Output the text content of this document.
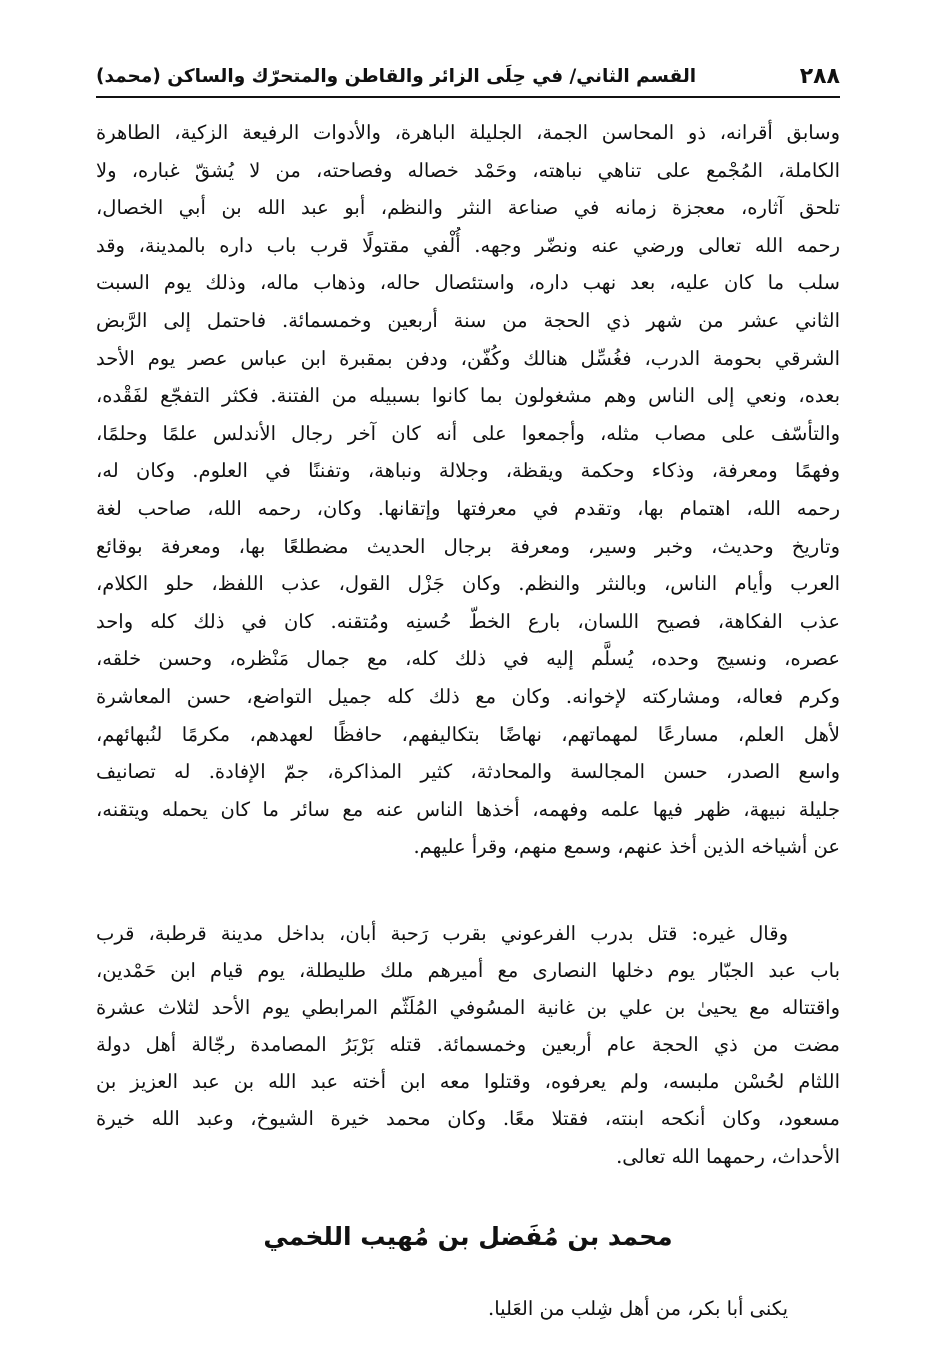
٢٨٨
القسم الثاني/ في حِلَى الزائر والقاطن والمتحرّك والساكن (محمد)
وسابق أقرانه، ذو المحاسن الجمة، الجليلة الباهرة، والأدوات الرفيعة الزكية، الطاهرة
الكاملة، المُجْمع على تناهي نباهته، وحَمْد خصاله وفصاحته، من لا يُشقّ غباره، ولا
تلحق آثاره، معجزة زمانه في صناعة النثر والنظم، أبو عبد الله بن أبي الخصال،
رحمه الله تعالى ورضي عنه ونضّر وجهه. أُلْفي مقتولًا قرب باب داره بالمدينة، وقد
سلب ما كان عليه، بعد نهب داره، واستئصال حاله، وذهاب ماله، وذلك يوم السبت
الثاني عشر من شهر ذي الحجة من سنة أربعين وخمسمائة. فاحتمل إلى الرَّبض
الشرقي بحومة الدرب، فغُسِّل هنالك وكُفّن، ودفن بمقبرة ابن عباس عصر يوم الأحد
بعده، ونعي إلى الناس وهم مشغولون بما كانوا بسبيله من الفتنة. فكثر التفجّع لفَقْده،
والتأسّف على مصاب مثله، وأجمعوا على أنه كان آخر رجال الأندلس علمًا وحلمًا،
وفهمًا ومعرفة، وذكاء وحكمة ويقظة، وجلالة ونباهة، وتفننًا في العلوم. وكان له،
رحمه الله، اهتمام بها، وتقدم في معرفتها وإتقانها. وكان، رحمه الله، صاحب لغة
وتاريخ وحديث، وخبر وسير، ومعرفة برجال الحديث مضطلعًا بها، ومعرفة بوقائع
العرب وأيام الناس، وبالنثر والنظم. وكان جَزْل القول، عذب اللفظ، حلو الكلام،
عذب الفكاهة، فصيح اللسان، بارع الخطّ حُسنِه ومُتقنه. كان في ذلك كله واحد
عصره، ونسيج وحده، يُسلَّم إليه في ذلك كله، مع جمال مَنْظره، وحسن خلقه،
وكرم فعاله، ومشاركته لإخوانه. وكان مع ذلك كله جميل التواضع، حسن المعاشرة
لأهل العلم، مسارعًا لمهماتهم، نهاضًا بتكاليفهم، حافظًا لعهدهم، مكرمًا لنُبهائهم،
واسع الصدر، حسن المجالسة والمحادثة، كثير المذاكرة، جمّ الإفادة. له تصانيف
جليلة نبيهة، ظهر فيها علمه وفهمه، أخذها الناس عنه مع سائر ما كان يحمله ويتقنه،
عن أشياخه الذين أخذ عنهم، وسمع منهم، وقرأ عليهم.
وقال غيره: قتل بدرب الفرعوني بقرب رَحبة أبان، بداخل مدينة قرطبة، قرب
باب عبد الجبّار يوم دخلها النصارى مع أميرهم ملك طليطلة، يوم قيام ابن حَمْدين،
واقتتاله مع يحيىٰ بن علي بن غانية المسُوفي المُلَثّم المرابطي يوم الأحد لثلاث عشرة
مضت من ذي الحجة عام أربعين وخمسمائة. قتله بَرْبَرُ المصامدة رجّالة أهل دولة
اللثام لحُسْن ملبسه، ولم يعرفوه، وقتلوا معه ابن أخته عبد الله بن عبد العزيز بن
مسعود، وكان أنكحه ابنته، فقتلا معًا. وكان محمد خيرة الشيوخ، وعبد الله خيرة
الأحداث، رحمهما الله تعالى.
محمد بن مُفَضل بن مُهيب اللخمي
يكنى أبا بكر، من أهل شِلب من العَليا.
